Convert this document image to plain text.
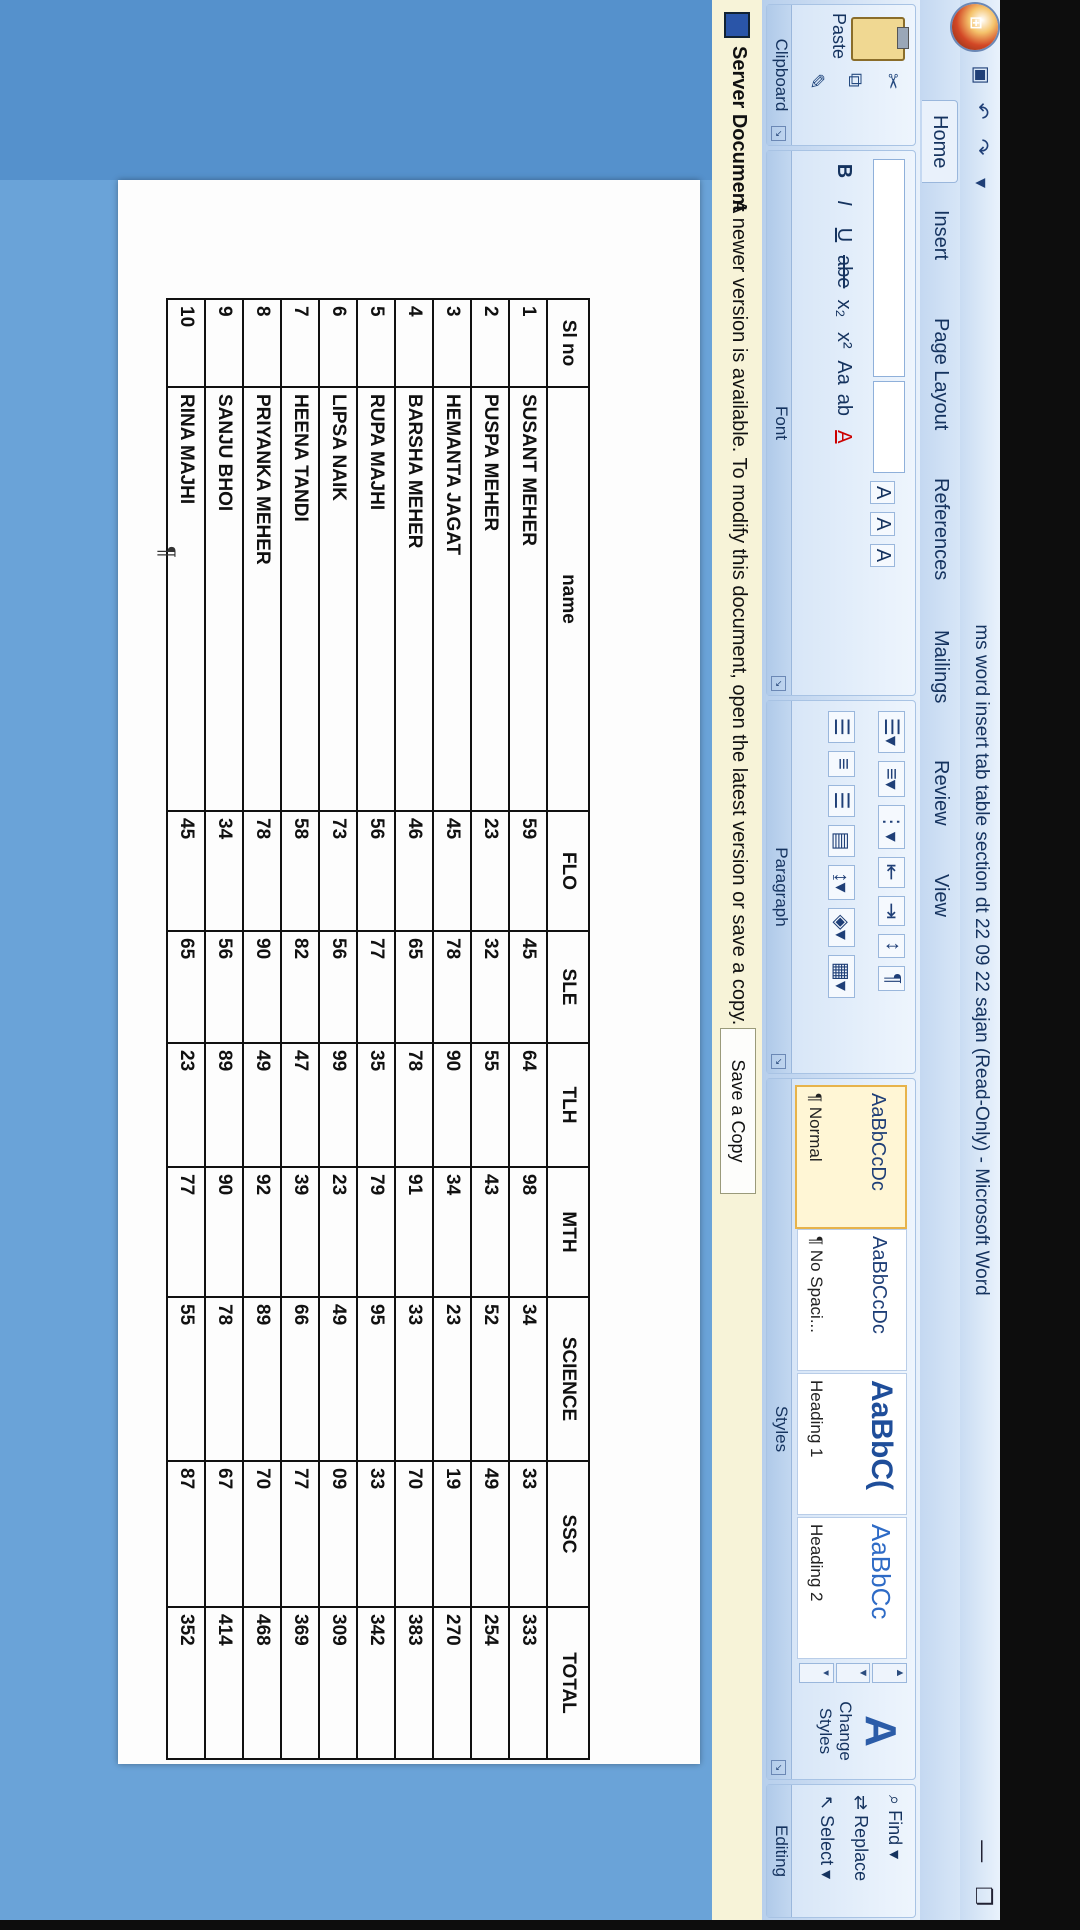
⊞
▣
↶
↷
▾
ms word insert tab table section dt 22 09 22 sajan (Read-Only) - Microsoft Word
—
❐
Home
Insert
Page Layout
References
Mailings
Review
View
Paste
✂
⧉
✎
Clipboard
↘
A
A
A
B
I
U
abe
x₂
x²
Aa
ab
A
Font
↘
☰▾
≡▾
⋮▾
⇤
⇥
↕
¶
☰
≡
☰
▤
↨▾
◈▾
▦▾
Paragraph
↘
AaBbCcDc
¶ Normal
AaBbCcDc
¶ No Spaci...
AaBbC(
Heading 1
AaBbCc
Heading 2
▲
▼
▾
A
Change Styles
Styles
↘
⌕ Find ▾
⇄ Replace
↖ Select ▾
Editing
Server Document
A newer version is available. To modify this document, open the latest version or save a copy.
Save a Copy
Sl no	name	FLO	SLE	TLH	MTH	SCIENCE	SSC	TOTAL
1	SUSANT MEHER	59	45	64	98	34	33	333
2	PUSPA MEHER	23	32	55	43	52	49	254
3	HEMANTA JAGAT	45	78	90	34	23	19	270
4	BARSHA MEHER	46	65	78	91	33	70	383
5	RUPA MAJHI	56	77	35	79	95	33	342
6	LIPSA NAIK	73	56	99	23	49	09	309
7	HEENA TANDI	58	82	47	39	66	77	369
8	PRIYANKA MEHER	78	90	49	92	89	70	468
9	SANJU BHOI	34	56	89	90	78	67	414
10	RINA MAJHI	45	65	23	77	55	87	352
¶
